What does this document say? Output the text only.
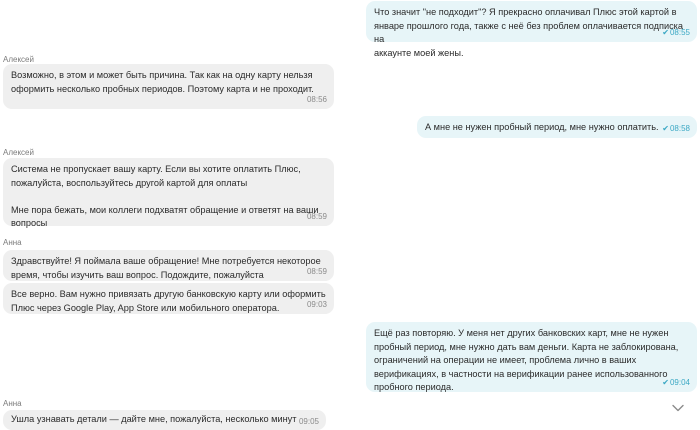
Что значит "не подходит"? Я прекрасно оплачивал Плюс этой картой в
январе прошлого года, также с неё без проблем оплачивается подписка на
аккаунте моей жены.
✔08:55
Алексей
Возможно, в этом и может быть причина. Так как на одну карту нельзя
оформить несколько пробных периодов. Поэтому карта и не проходит.
08:56
А мне не нужен пробный период, мне нужно оплатить. ✔08:58
Алексей
Система не пропускает вашу карту. Если вы хотите оплатить Плюс,
пожалуйста, воспользуйтесь другой картой для оплаты

Мне пора бежать, мои коллеги подхватят обращение и ответят на ваши
вопросы
08:59
Анна
Здравствуйте! Я поймала ваше обращение! Мне потребуется некоторое
время, чтобы изучить ваш вопрос. Подождите, пожалуйста	08:59
Все верно. Вам нужно привязать другую банковскую карту или оформить
Плюс через Google Play, App Store или мобильного оператора.	09:03
Ещё раз повторяю. У меня нет других банковских карт, мне не нужен
пробный период, мне нужно дать вам деньги. Карта не заблокирована,
ограничений на операции не имеет, проблема лично в ваших
верификациях, в частности на верификации ранее использованного
пробного периода.	✔09:04
Анна
Ушла узнавать детали — дайте мне, пожалуйста, несколько минут 09:05
